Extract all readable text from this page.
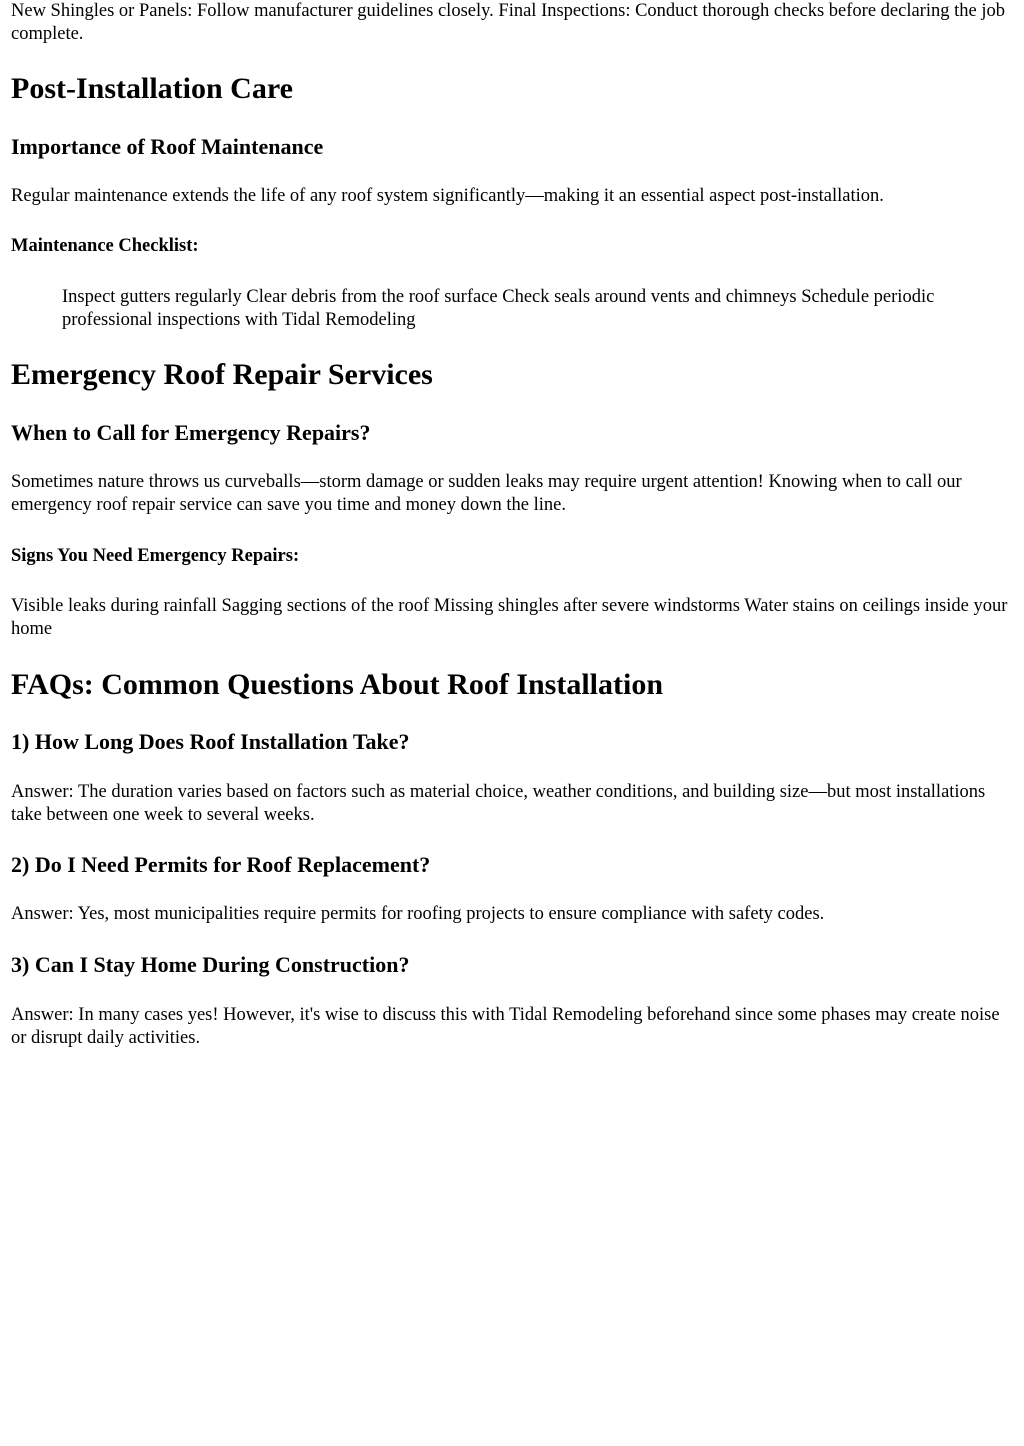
New Shingles or Panels: Follow manufacturer guidelines closely. Final Inspections: Conduct thorough checks before declaring the job complete.

Post-Installation Care
Importance of Roof Maintenance

Regular maintenance extends the life of any roof system significantly—making it an essential aspect post-installation.

Maintenance Checklist:
Inspect gutters regularly Clear debris from the roof surface Check seals around vents and chimneys Schedule periodic professional inspections with Tidal Remodeling
Emergency Roof Repair Services
When to Call for Emergency Repairs?

Sometimes nature throws us curveballs—storm damage or sudden leaks may require urgent attention! Knowing when to call our emergency roof repair service can save you time and money down the line.

Signs You Need Emergency Repairs:

Visible leaks during rainfall Sagging sections of the roof Missing shingles after severe windstorms Water stains on ceilings inside your home

FAQs: Common Questions About Roof Installation
1) How Long Does Roof Installation Take?

Answer: The duration varies based on factors such as material choice, weather conditions, and building size—but most installations take between one week to several weeks.

2) Do I Need Permits for Roof Replacement?

Answer: Yes, most municipalities require permits for roofing projects to ensure compliance with safety codes.

3) Can I Stay Home During Construction?

Answer: In many cases yes! However, it's wise to discuss this with Tidal Remodeling beforehand since some phases may create noise or disrupt daily activities.
